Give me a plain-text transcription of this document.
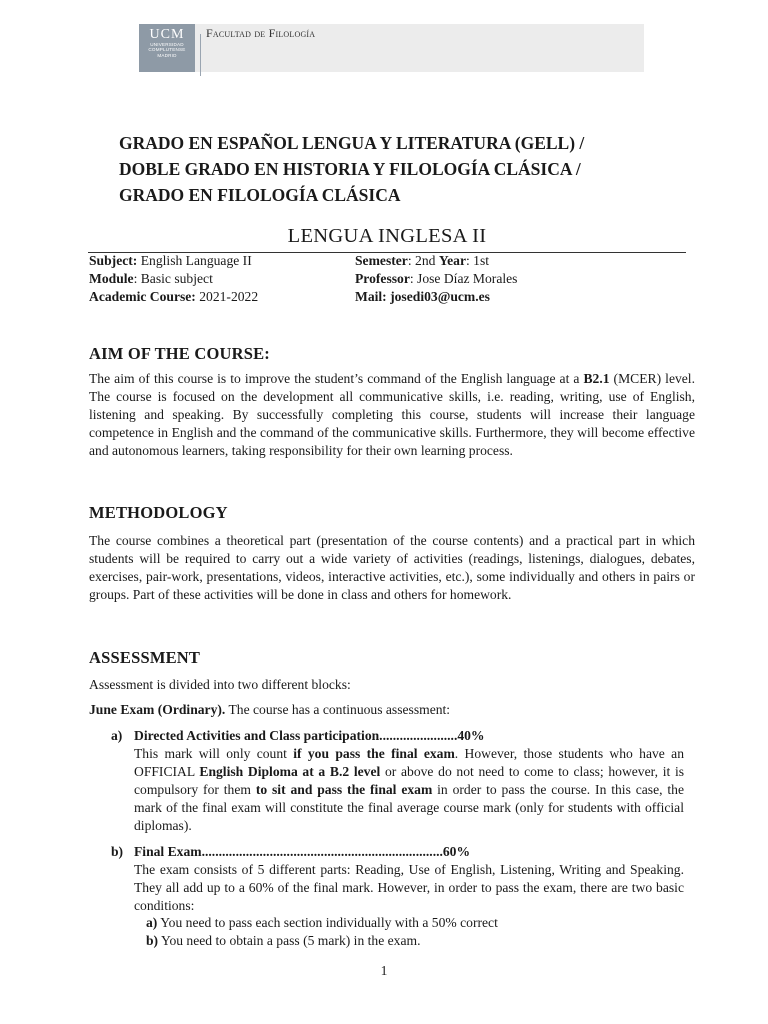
UCM
UNIVERSIDAD
COMPLUTENSE
MADRID
Facultad de Filología
GRADO EN ESPAÑOL LENGUA Y LITERATURA (GELL) /
DOBLE GRADO EN HISTORIA Y FILOLOGÍA CLÁSICA /
GRADO EN FILOLOGÍA CLÁSICA
LENGUA INGLESA II
Subject: English Language II
Module: Basic subject
Academic Course: 2021-2022
Semester: 2nd Year: 1st
Professor: Jose Díaz Morales
Mail: josedi03@ucm.es
AIM OF THE COURSE:

The aim of this course is to improve the student’s command of the English language at a B2.1 (MCER) level. The course is focused on the development all communicative skills, i.e. reading, writing, use of English, listening and speaking. By successfully completing this course, students will increase their language competence in English and the command of the communicative skills. Furthermore, they will become effective and autonomous learners, taking responsibility for their own learning process.

METHODOLOGY

The course combines a theoretical part (presentation of the course contents) and a practical part in which students will be required to carry out a wide variety of activities (readings, listenings, dialogues, debates, exercises, pair-work, presentations, videos, interactive activities, etc.), some individually and others in pairs or groups. Part of these activities will be done in class and others for homework.

ASSESSMENT

Assessment is divided into two different blocks:

June Exam (Ordinary). The course has a continuous assessment:

a) Directed Activities and Class participation.......................40%

This mark will only count if you pass the final exam. However, those students who have an OFFICIAL English Diploma at a B.2 level or above do not need to come to class; however, it is compulsory for them to sit and pass the final exam in order to pass the course. In this case, the mark of the final exam will constitute the final average course mark (only for students with official diplomas).

b) Final Exam.......................................................................60%

The exam consists of 5 different parts: Reading, Use of English, Listening, Writing and Speaking. They all add up to a 60% of the final mark. However, in order to pass the exam, there are two basic conditions:

a) You need to pass each section individually with a 50% correct
b) You need to obtain a pass (5 mark) in the exam.
1
